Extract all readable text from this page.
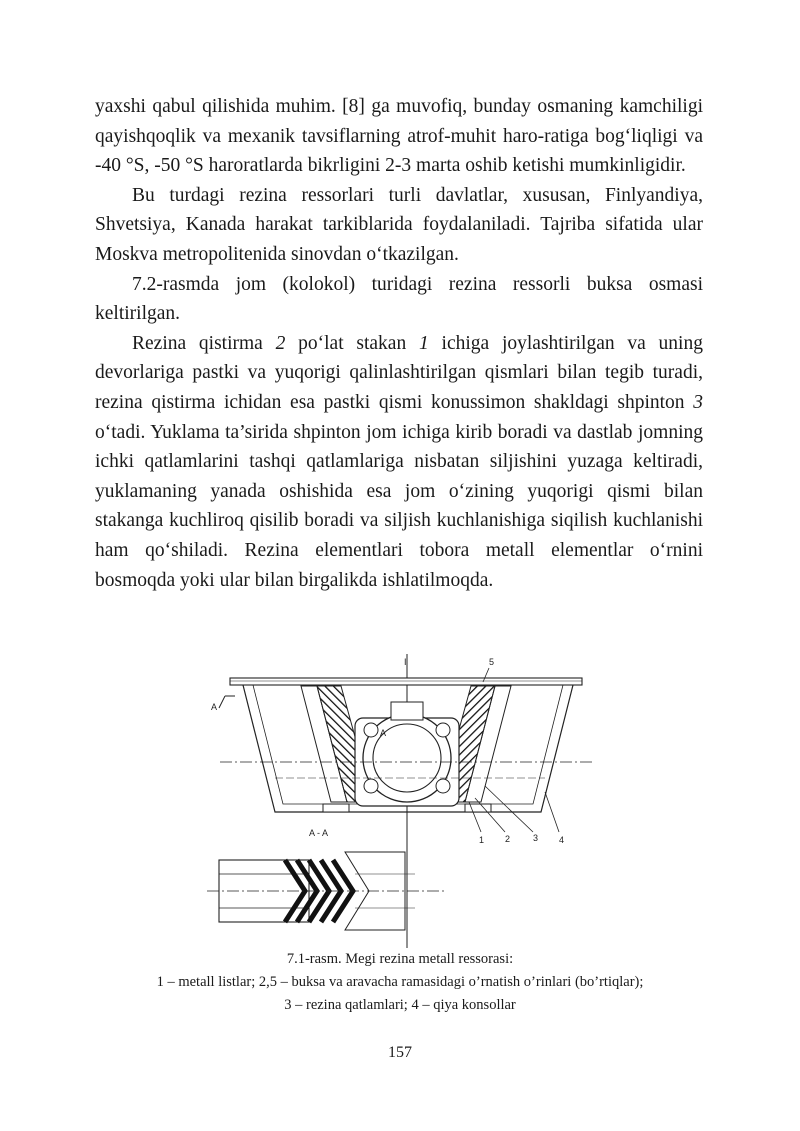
yaxshi qabul qilishida muhim. [8] ga muvofiq, bunday osmaning kamchiligi qayishqoqlik va mexanik tavsiflarning atrof-muhit haro-ratiga bog‘liqligi va -40 °S, -50 °S haroratlarda bikrligini 2-3 marta oshib ketishi mumkinligidir.

Bu turdagi rezina ressorlari turli davlatlar, xususan, Finlyandiya, Shvetsiya, Kanada harakat tarkiblarida foydalaniladi. Tajriba sifatida ular Moskva metropolitenida sinovdan o‘tkazilgan.

7.2-rasmda jom (kolokol) turidagi rezina ressorli buksa osmasi keltirilgan.

Rezina qistirma 2 po‘lat stakan 1 ichiga joylashtirilgan va uning devorlariga pastki va yuqorigi qalinlashtirilgan qismlari bilan tegib turadi, rezina qistirma ichidan esa pastki qismi konussimon shakldagi shpinton 3 o‘tadi. Yuklama ta’sirida shpinton jom ichiga kirib boradi va dastlab jomning ichki qatlamlarini tashqi qatlamlariga nisbatan siljishini yuzaga keltiradi, yuklamaning yanada oshishida esa jom o‘zining yuqorigi qismi bilan stakanga kuchliroq qisilib boradi va siljish kuchlanishiga siqilish kuchlanishi ham qo‘shiladi. Rezina elementlari tobora metall elementlar o‘rnini bosmoqda yoki ular bilan birgalikda ishlatilmoqda.

I	5
A
A
1 2	3 4
A - A
7.1-rasm. Megi rezina metall ressorasi:
1 – metall listlar; 2,5 – buksa va aravacha ramasidagi o’rnatish o’rinlari (bo’rtiqlar);
3 – rezina qatlamlari; 4 – qiya konsollar
157
